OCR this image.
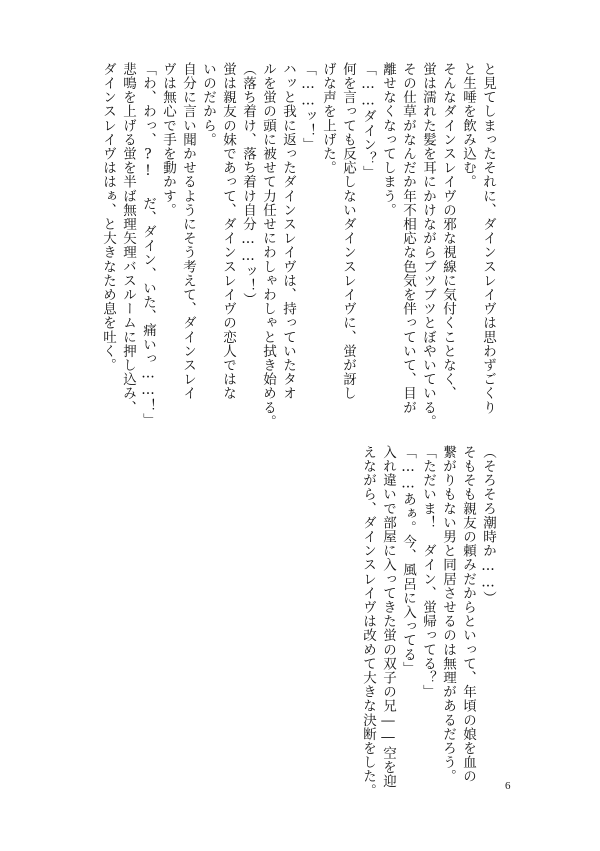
と見てしまったそれに、ダインスレイヴは思わずごくり
と生唾を飲み込む。
そんなダインスレイヴの邪な視線に気付くことなく、
蛍は濡れた髪を耳にかけながらブツブツとぼやいている。
その仕草がなんだか年不相応な色気を伴っていて、目が
離せなくなってしまう。
「……ダイン？」
何を言っても反応しないダインスレイヴに、蛍が訝し
げな声を上げた。
「……ッ！」
ハッと我に返ったダインスレイヴは、持っていたタオ
ルを蛍の頭に被せて力任せにわしゃわしゃと拭き始める。
（落ち着け、落ち着け自分……ッ！）
蛍は親友の妹であって、ダインスレイヴの恋人ではな
いのだから。
自分に言い聞かせるようにそう考えて、ダインスレイ
ヴは無心で手を動かす。
「わ、わっ、?! だ、ダイン、いた、痛いっ……！」
悲鳴を上げる蛍を半ば無理矢理バスルームに押し込み、
ダインスレイヴははぁ、と大きなため息を吐く。
（そろそろ潮時か……）
そもそも親友の頼みだからといって、年頃の娘を血の
繋がりもない男と同居させるのは無理があるだろう。
「ただいま！　ダイン、蛍帰ってる？」
「……あぁ。今、風呂に入ってる」
入れ違いで部屋に入ってきた蛍の双子の兄――空を迎
えながら、ダインスレイヴは改めて大きな決断をした。	6
